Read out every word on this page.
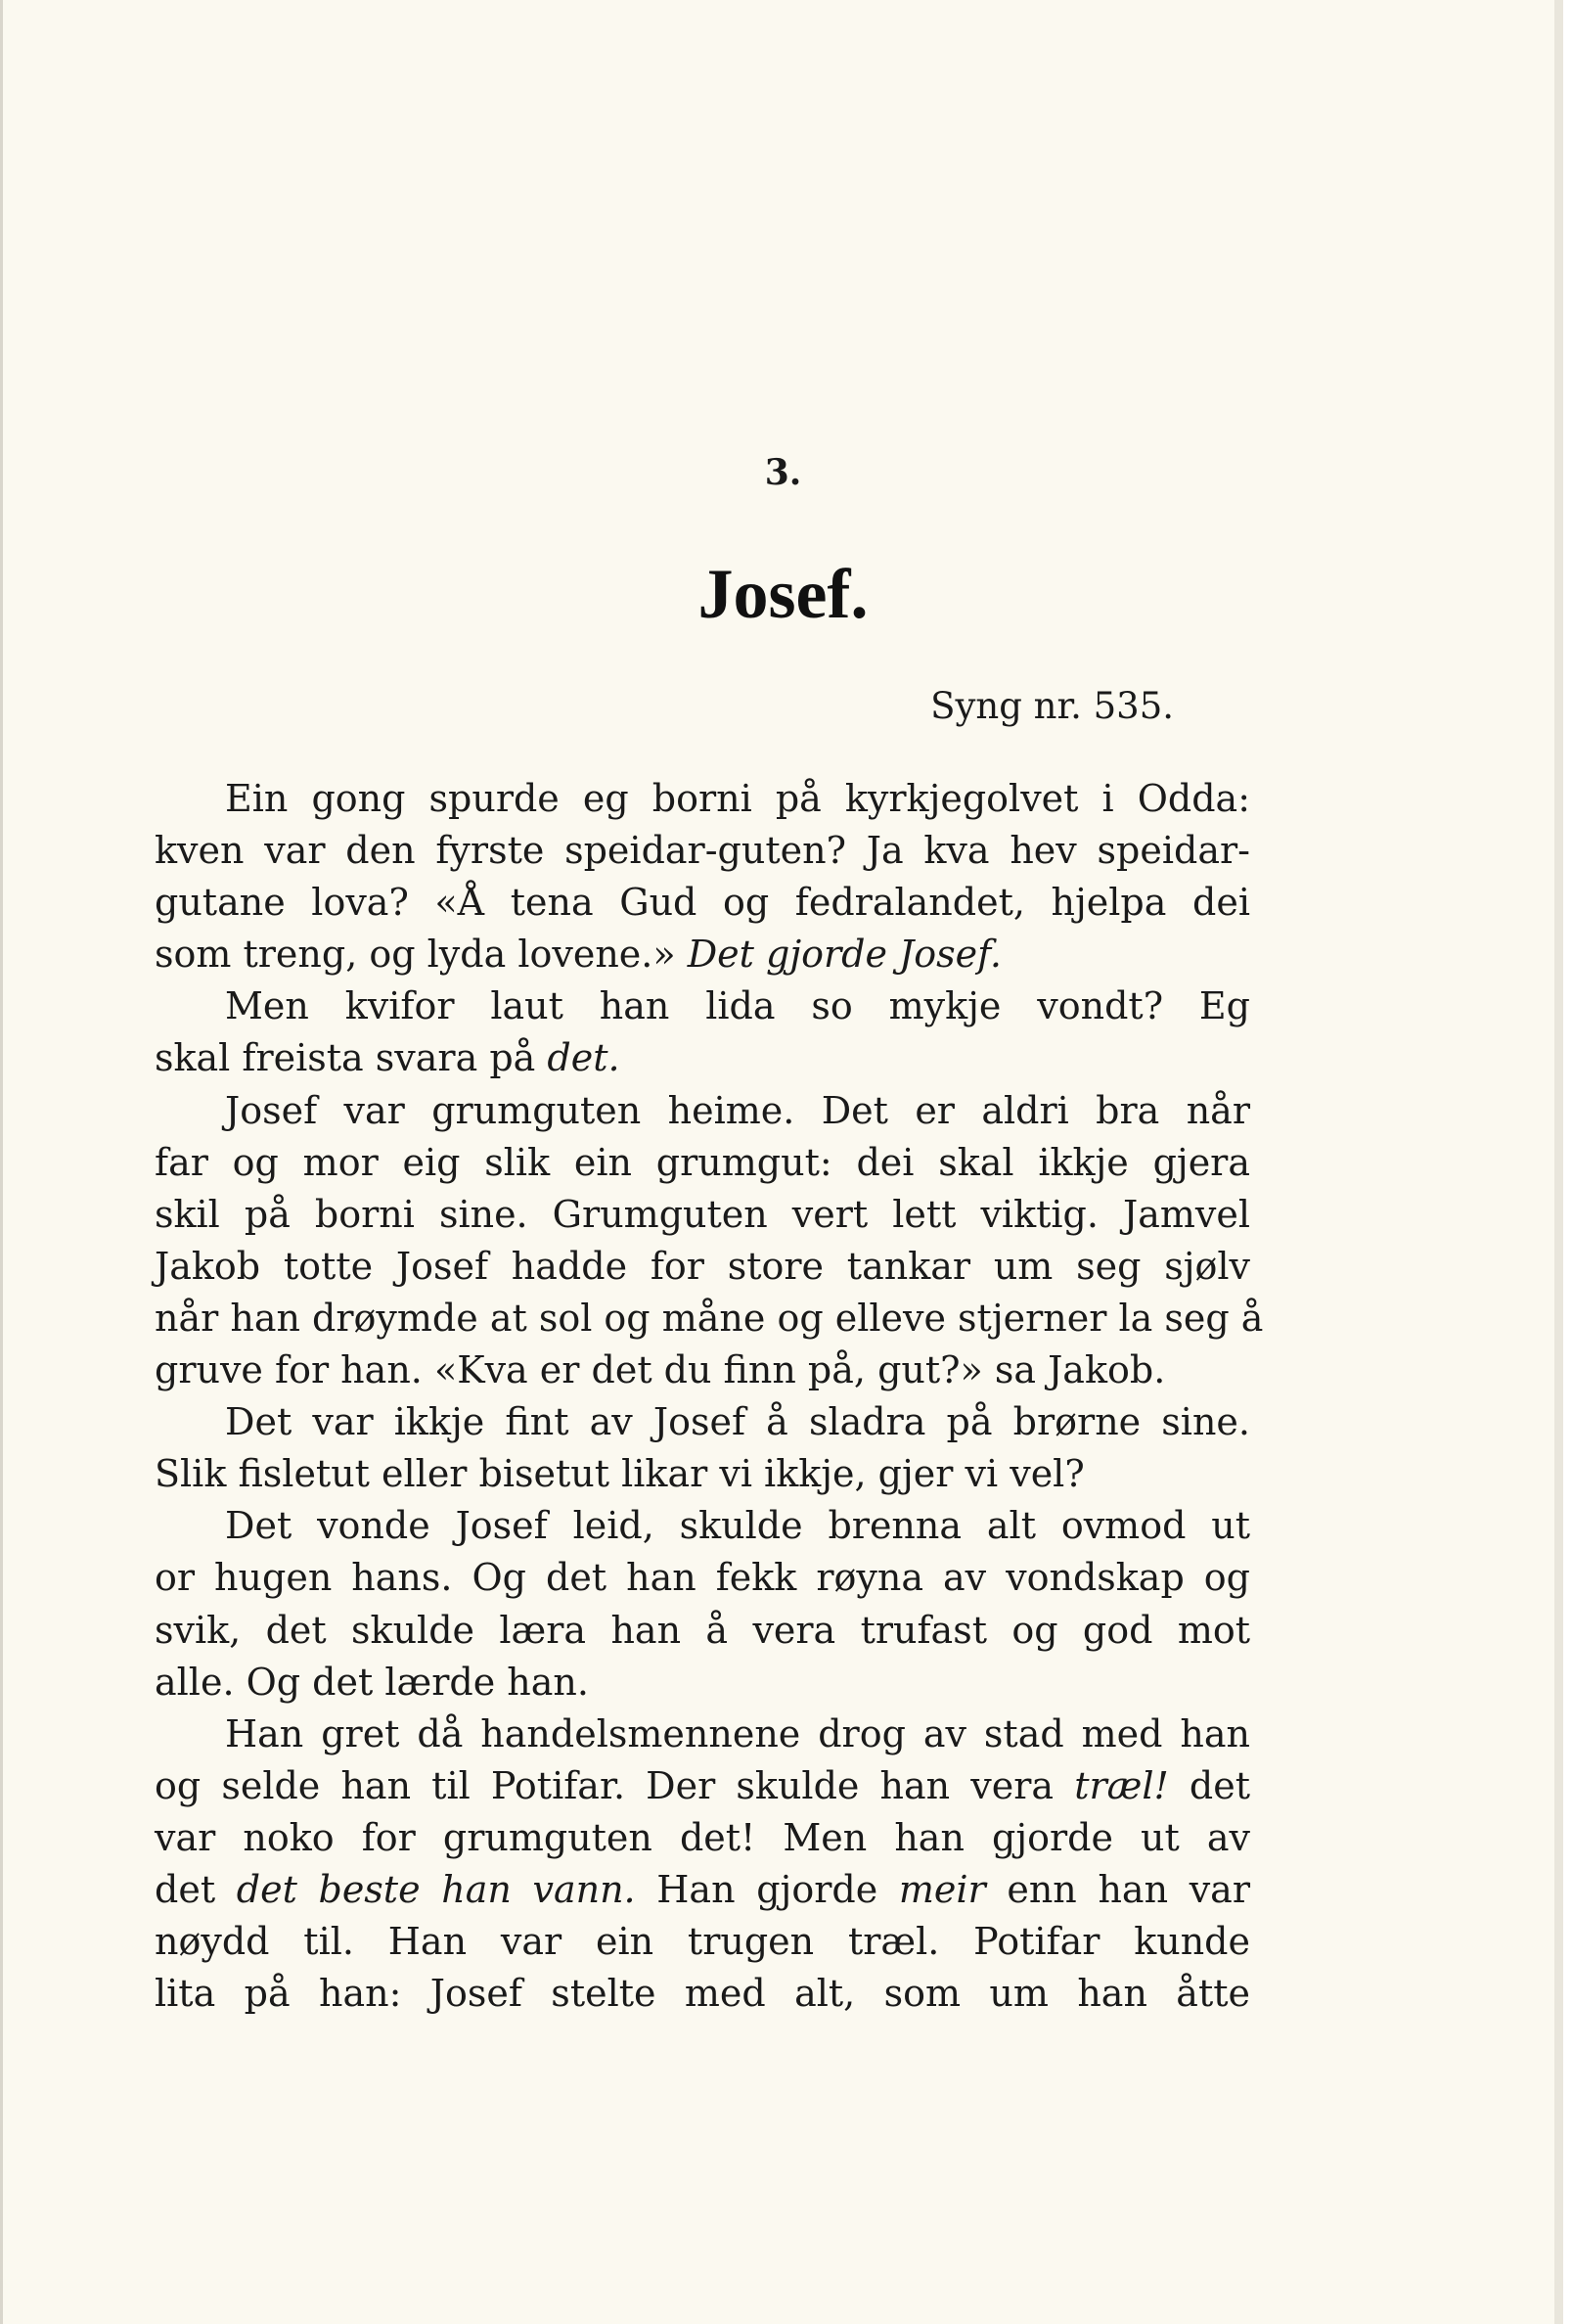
3.
Josef.
Syng nr. 535.
Ein gong spurde eg borni på kyrkjegolvet i Odda:
kven var den fyrste speidar-guten? Ja kva hev speidar-
gutane lova? «Å tena Gud og fedralandet, hjelpa dei
som treng, og lyda lovene.» Det gjorde Josef.
Men kvifor laut han lida so mykje vondt? Eg
skal freista svara på det.
Josef var grumguten heime. Det er aldri bra når
far og mor eig slik ein grumgut: dei skal ikkje gjera
skil på borni sine. Grumguten vert lett viktig. Jamvel
Jakob totte Josef hadde for store tankar um seg sjølv
når han drøymde at sol og måne og elleve stjerner la seg å
gruve for han. «Kva er det du finn på, gut?» sa Jakob.
Det var ikkje fint av Josef å sladra på brørne sine.
Slik fisletut eller bisetut likar vi ikkje, gjer vi vel?
Det vonde Josef leid, skulde brenna alt ovmod ut
or hugen hans. Og det han fekk røyna av vondskap og
svik, det skulde læra han å vera trufast og god mot
alle. Og det lærde han.
Han gret då handelsmennene drog av stad med han
og selde han til Potifar. Der skulde han vera træl! det
var noko for grumguten det! Men han gjorde ut av
det det beste han vann. Han gjorde meir enn han var
nøydd til. Han var ein trugen træl. Potifar kunde
lita på han: Josef stelte med alt, som um han åtte
